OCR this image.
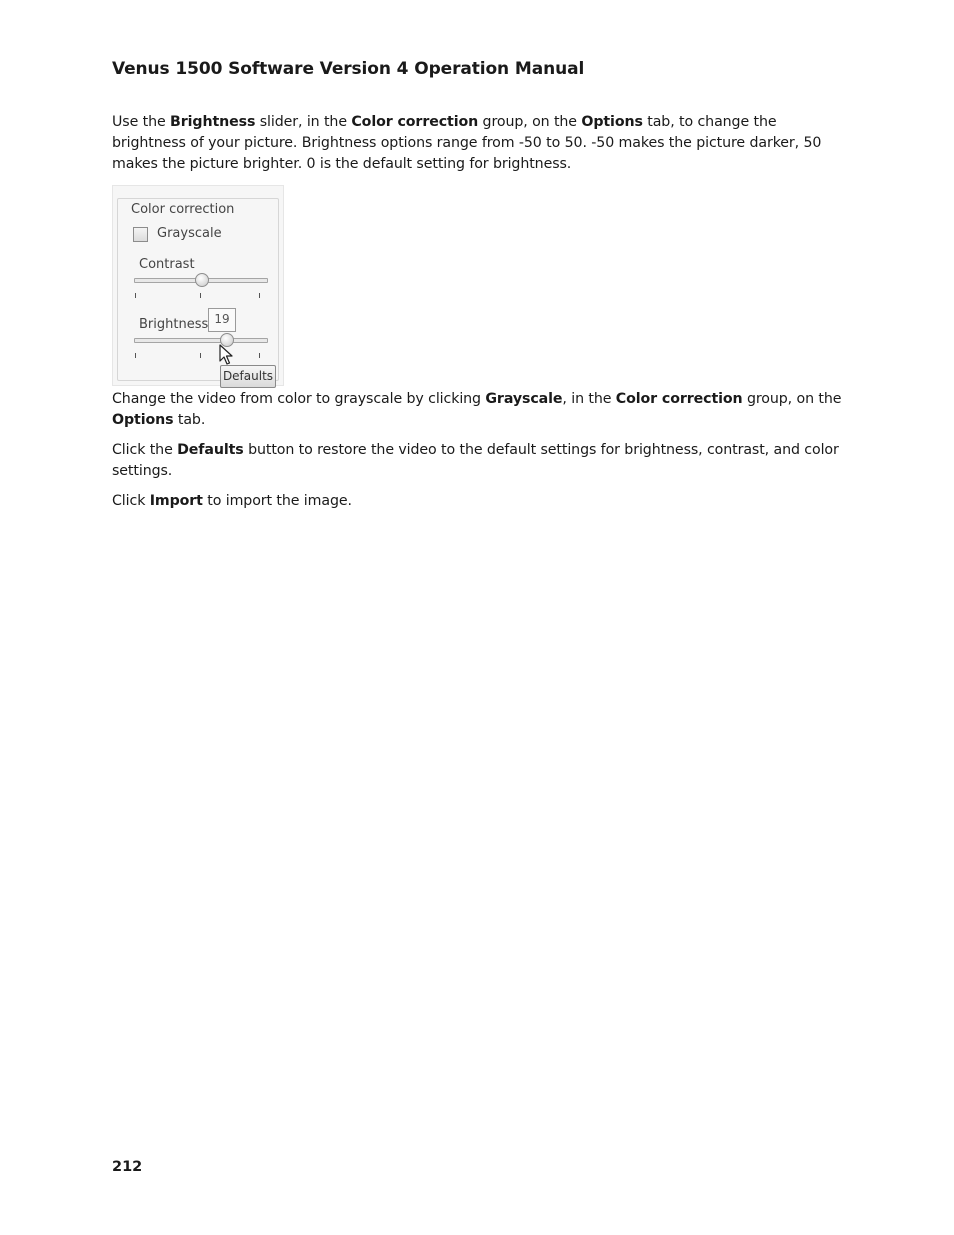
Venus 1500 Software Version 4 Operation Manual

Use the Brightness slider, in the Color correction group, on the Options tab, to change the brightness of your picture. Brightness options range from -50 to 50. -50 makes the picture darker, 50 makes the picture brighter. 0 is the default setting for brightness.

Color correction
Grayscale
Contrast
Brightness 19
Defaults

Change the video from color to grayscale by clicking Grayscale, in the Color correction group, on the Options tab.

Click the Defaults button to restore the video to the default settings for brightness, contrast, and color settings.

Click Import to import the image.

212
